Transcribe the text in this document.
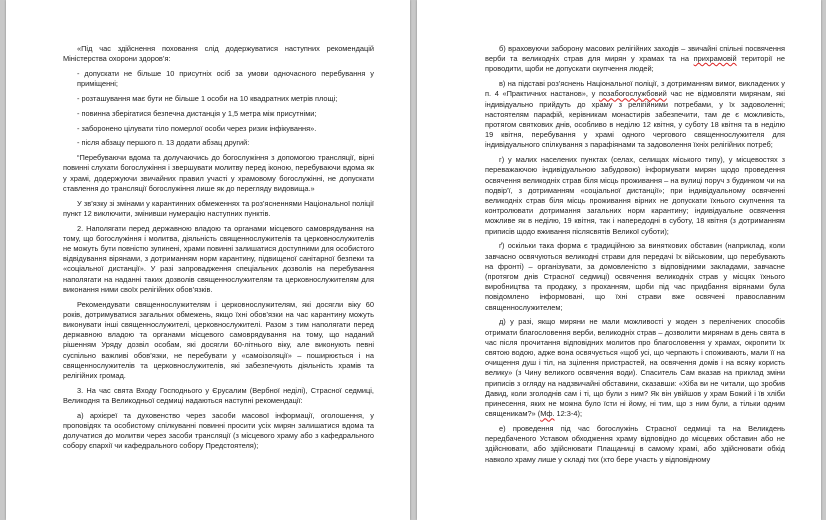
«Під час здійснення поховання слід додержуватися наступних рекомендацій Міністерства охорони здоров’я:

- допускати не більше 10 присутніх осіб за умови одночасного перебування у приміщенні;

- розташування має бути не більше 1 особи на 10 квадратних метрів площі;

- повинна зберігатися безпечна дистанція у 1,5 метра між присутніми;

- заборонено цілувати тіло померлої особи через ризик інфікування».

- після абзацу першого п. 13 додати абзац другий:

“Перебуваючи вдома та долучаючись до богослужіння з допомогою трансляції, вірні повинні слухати богослужіння і звершувати молитву перед іконою, перебуваючи вдома як у храмі, додержуючи звичайних правил участі у храмовому богослужінні, не допускати ставлення до трансляції богослужіння лише як до перегляду видовища.»

У зв’язку зі змінами у карантинних обмеженнях та роз’ясненнями Національної поліції пункт 12 виключити, змінивши нумерацію наступних пунктів.

2. Наполягати перед державною владою та органами місцевого самоврядування на тому, що богослужіння і молитва, діяльність священнослужителів та церковнослужителів не можуть бути повністю зупинені, храми повинні залишатися доступними для особистого відвідування вірянами, з дотриманням норм карантину, підвищеної санітарної безпеки та «соціальної дистанції». У разі запровадження спеціальних дозволів на перебування наполягати на наданні таких дозволів священнослужителям та церковнослужителям для виконання ними своїх релігійних обов’язків.

Рекомендувати священнослужителям і церковнослужителям, які досягли віку 60 років, дотримуватися загальних обмежень, якщо їхні обов’язки на час карантину можуть виконувати інші священнослужителі, церковнослужителі. Разом з тим наполягати перед державною владою та органами місцевого самоврядування на тому, що наданий рішенням Уряду дозвіл особам, які досягли 60-літнього віку, але виконують певні суспільно важливі обов’язки, не перебувати у «самоізоляції» – поширюється і на священнослужителів та церковнослужителів, які забезпечують діяльність храмів та релігійних громад.

3. На час свята Входу Господнього у Єрусалим (Вербної неділі), Страсної седмиці, Великодня та Великодньої седмиці надаються наступні рекомендації:

а) архієреї та духовенство через засоби масової інформації, оголошення, у проповідях та особистому спілкуванні повинні просити усіх мирян залишатися вдома та долучатися до молитви через засоби трансляції (з місцевого храму або з кафедрального собору єпархії чи кафедрального собору Предстоятеля);

б) враховуючи заборону масових релігійних заходів – звичайні спільні посвячення верби та великодніх страв для мирян у храмах та на прихрамовій території не проводити, щоби не допускати скупчення людей;

в) на підставі роз’яснень Національної поліції, з дотриманням вимог, викладених у п. 4 «Практичних настанов», у позабогослужбовий час не відмовляти мирянам, які індивідуально прийдуть до храму з релігійними потребами, у їх задоволенні; настоятелям парафій, керівникам монастирів забезпечити, там де є можливість, протягом святкових днів, особливо в неділю 12 квітня, у суботу 18 квітня та в неділю 19 квітня, перебування у храмі одного чергового священнослужителя для індивідуального спілкування з парафіянами та задоволення їхніх релігійних потреб;

г) у малих населених пунктах (селах, селищах міського типу), у місцевостях з переважаючою індивідуальною забудовою) інформувати мирян щодо проведення освячення великодніх страв біля місць проживання – на вулиці поруч з будинком чи на подвір’ї, з дотриманням «соціальної дистанції»; при індивідуальному освяченні великодніх страв біля місць проживання вірних не допускати їхнього скупчення та контролювати дотримання загальних норм карантину; індивідуальне освячення можливе як в неділю, 19 квітня, так і напередодні в суботу, 18 квітня (з дотриманням приписів щодо вживання післясвятів Великої суботи);

ґ) оскільки така форма є традиційною за виняткових обставин (наприклад, коли завчасно освячуються великодні страви для передачі їх військовим, що перебувають на фронті) – організувати, за домовленістю з відповідними закладами, завчасне (протягом днів Страсної седмиці) освячення великодніх страв у місцях їхнього виробництва та продажу, з проханням, щоби під час придбання вірянами була повідомлено інформовані, що їхні страви вже освячені православним священнослужителем;

д) у разі, якщо миряни не мали можливості у жоден з перелічених способів отримати благословення верби, великодніх страв – дозволити мирянам в день свята в час після прочитання відповідних молитов про благословення у храмах, окропити їх святою водою, адже вона освячується «щоб усі, що черпають і споживають, мали її на очищення душ і тіл, на зцілення пристрастей, на освячення домів і на всяку користь велику» (з Чину великого освячення води). Спаситель Сам вказав на приклад зміни приписів з огляду на надзвичайні обставини, сказавши: «Хіба ви не читали, що зробив Давид, коли зголоднів сам і ті, що були з ним? Як він увійшов у храм Божий і їв хліби принесення, яких не можна було їсти ні йому, ні тим, що з ним були, а тільки одним священикам?» (Мф. 12:3-4);

е) проведення під час богослужінь Страсної седмиці та на Великдень передбаченого Уставом обходження храму відповідно до місцевих обставин або не здійснювати, або здійснювати Плащаниці в самому храмі, або здійснювати обхід навколо храму лише у складі тих (хто бере участь у відповідному
